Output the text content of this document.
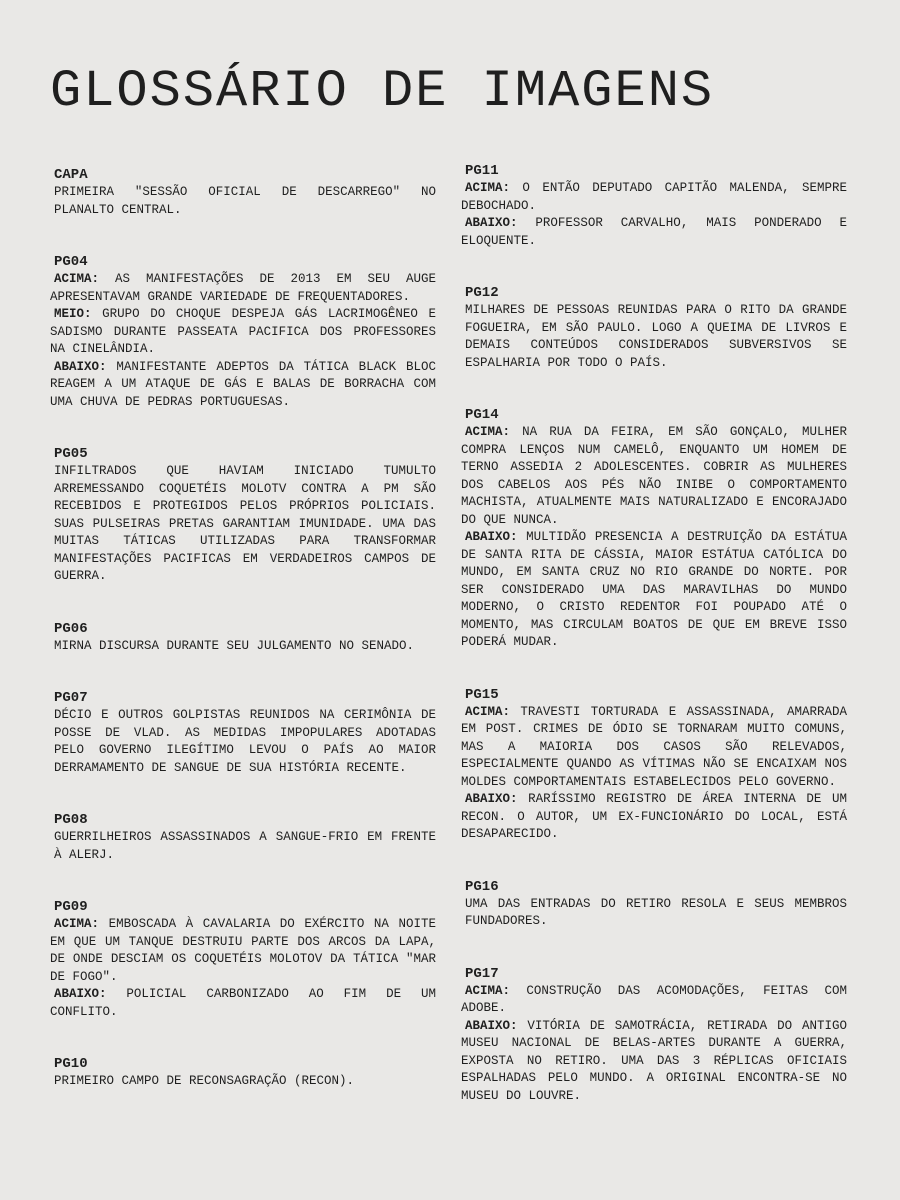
GLOSSÁRIO DE IMAGENS
CAPA

PRIMEIRA "SESSÃO OFICIAL DE DESCARREGO" NO PLANALTO CENTRAL.

PG04

ACIMA: AS MANIFESTAÇÕES DE 2013 EM SEU AUGE APRESENTAVAM GRANDE VARIEDADE DE FREQUENTADORES.

MEIO: GRUPO DO CHOQUE DESPEJA GÁS LACRIMOGÊNEO E SADISMO DURANTE PASSEATA PACIFICA DOS PROFESSORES NA CINELÂNDIA.

ABAIXO: MANIFESTANTE ADEPTOS DA TÁTICA BLACK BLOC REAGEM A UM ATAQUE DE GÁS E BALAS DE BORRACHA COM UMA CHUVA DE PEDRAS PORTUGUESAS.

PG05

INFILTRADOS QUE HAVIAM INICIADO TUMULTO ARREMESSANDO COQUETÉIS MOLOTV CONTRA A PM SÃO RECEBIDOS E PROTEGIDOS PELOS PRÓPRIOS POLICIAIS. SUAS PULSEIRAS PRETAS GARANTIAM IMUNIDADE. UMA DAS MUITAS TÁTICAS UTILIZADAS PARA TRANSFORMAR MANIFESTAÇÕES PACIFICAS EM VERDADEIROS CAMPOS DE GUERRA.

PG06

MIRNA DISCURSA DURANTE SEU JULGAMENTO NO SENADO.

PG07

DÉCIO E OUTROS GOLPISTAS REUNIDOS NA CERIMÔNIA DE POSSE DE VLAD. AS MEDIDAS IMPOPULARES ADOTADAS PELO GOVERNO ILEGÍTIMO LEVOU O PAÍS AO MAIOR DERRAMAMENTO DE SANGUE DE SUA HISTÓRIA RECENTE.

PG08

GUERRILHEIROS ASSASSINADOS A SANGUE-FRIO EM FRENTE À ALERJ.

PG09

ACIMA: EMBOSCADA À CAVALARIA DO EXÉRCITO NA NOITE EM QUE UM TANQUE DESTRUIU PARTE DOS ARCOS DA LAPA, DE ONDE DESCIAM OS COQUETÉIS MOLOTOV DA TÁTICA "MAR DE FOGO".

ABAIXO: POLICIAL CARBONIZADO AO FIM DE UM CONFLITO.

PG10

PRIMEIRO CAMPO DE RECONSAGRAÇÃO (RECON).

PG11

ACIMA: O ENTÃO DEPUTADO CAPITÃO MALENDA, SEMPRE DEBOCHADO.

ABAIXO: PROFESSOR CARVALHO, MAIS PONDERADO E ELOQUENTE.

PG12

MILHARES DE PESSOAS REUNIDAS PARA O RITO DA GRANDE FOGUEIRA, EM SÃO PAULO. LOGO A QUEIMA DE LIVROS E DEMAIS CONTEÚDOS CONSIDERADOS SUBVERSIVOS SE ESPALHARIA POR TODO O PAÍS.

PG14

ACIMA: NA RUA DA FEIRA, EM SÃO GONÇALO, MULHER COMPRA LENÇOS NUM CAMELÔ, ENQUANTO UM HOMEM DE TERNO ASSEDIA 2 ADOLESCENTES. COBRIR AS MULHERES DOS CABELOS AOS PÉS NÃO INIBE O COMPORTAMENTO MACHISTA, ATUALMENTE MAIS NATURALIZADO E ENCORAJADO DO QUE NUNCA.

ABAIXO: MULTIDÃO PRESENCIA A DESTRUIÇÃO DA ESTÁTUA DE SANTA RITA DE CÁSSIA, MAIOR ESTÁTUA CATÓLICA DO MUNDO, EM SANTA CRUZ NO RIO GRANDE DO NORTE. POR SER CONSIDERADO UMA DAS MARAVILHAS DO MUNDO MODERNO, O CRISTO REDENTOR FOI POUPADO ATÉ O MOMENTO, MAS CIRCULAM BOATOS DE QUE EM BREVE ISSO PODERÁ MUDAR.

PG15

ACIMA: TRAVESTI TORTURADA E ASSASSINADA, AMARRADA EM POST. CRIMES DE ÓDIO SE TORNARAM MUITO COMUNS, MAS A MAIORIA DOS CASOS SÃO RELEVADOS, ESPECIALMENTE QUANDO AS VÍTIMAS NÃO SE ENCAIXAM NOS MOLDES COMPORTAMENTAIS ESTABELECIDOS PELO GOVERNO.

ABAIXO: RARÍSSIMO REGISTRO DE ÁREA INTERNA DE UM RECON. O AUTOR, UM EX-FUNCIONÁRIO DO LOCAL, ESTÁ DESAPARECIDO.

PG16

UMA DAS ENTRADAS DO RETIRO RESOLA E SEUS MEMBROS FUNDADORES.

PG17

ACIMA: CONSTRUÇÃO DAS ACOMODAÇÕES, FEITAS COM ADOBE.

ABAIXO: VITÓRIA DE SAMOTRÁCIA, RETIRADA DO ANTIGO MUSEU NACIONAL DE BELAS-ARTES DURANTE A GUERRA, EXPOSTA NO RETIRO. UMA DAS 3 RÉPLICAS OFICIAIS ESPALHADAS PELO MUNDO. A ORIGINAL ENCONTRA-SE NO MUSEU DO LOUVRE.
